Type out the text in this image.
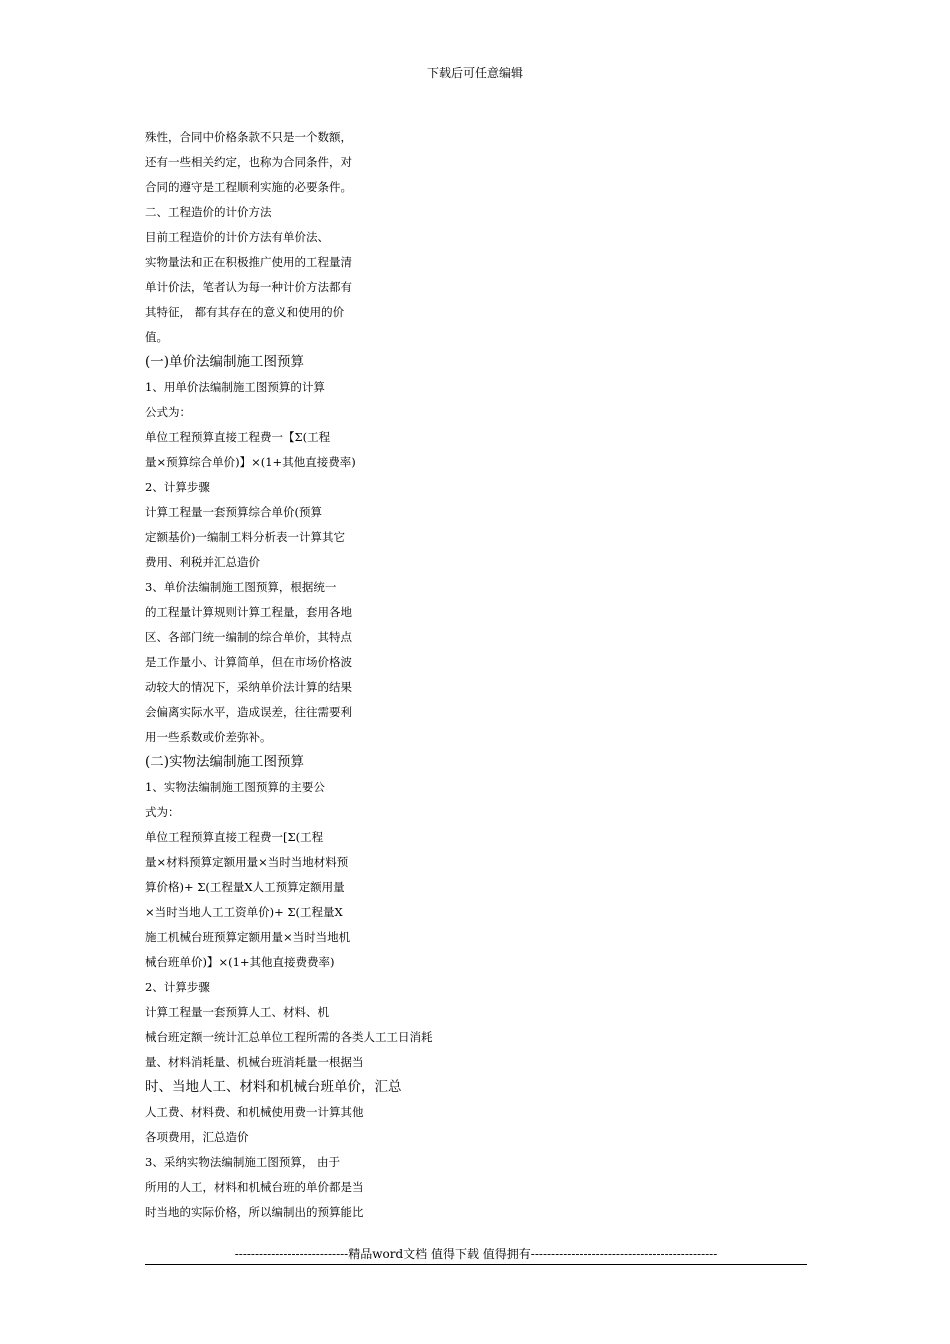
下载后可任意编辑
殊性，合同中价格条款不只是一个数额，
还有一些相关约定，也称为合同条件，对
合同的遵守是工程顺利实施的必要条件。
二、工程造价的计价方法
目前工程造价的计价方法有单价法、
实物量法和正在积极推广使用的工程量清
单计价法，笔者认为每一种计价方法都有
其特征， 都有其存在的意义和使用的价
值。
(一)单价法编制施工图预算
1、用单价法编制施工图预算的计算
公式为：
单位工程预算直接工程费一【Σ(工程
量×预算综合单价)】×(1+其他直接费率)
2、计算步骤
计算工程量一套预算综合单价(预算
定额基价)一编制工料分析表一计算其它
费用、利税并汇总造价
3、单价法编制施工图预算，根据统一
的工程量计算规则计算工程量，套用各地
区、各部门统一编制的综合单价，其特点
是工作量小、计算简单，但在市场价格波
动较大的情况下，采纳单价法计算的结果
会偏离实际水平，造成误差，往往需要利
用一些系数或价差弥补。
(二)实物法编制施工图预算
1、实物法编制施工图预算的主要公
式为：
单位工程预算直接工程费一[Σ(工程
量×材料预算定额用量×当时当地材料预
算价格)+ Σ(工程量X人工预算定额用量
×当时当地人工工资单价)+ Σ(工程量X
施工机械台班预算定额用量×当时当地机
械台班单价)】×(1+其他直接费费率)
2、计算步骤
计算工程量一套预算人工、材料、机
械台班定额一统计汇总单位工程所需的各类人工工日消耗
量、材料消耗量、机械台班消耗量一根据当
时、当地人工、材料和机械台班单价，汇总
人工费、材料费、和机械使用费一计算其他
各项费用，汇总造价
3、采纳实物法编制施工图预算， 由于
所用的人工，材料和机械台班的单价都是当
时当地的实际价格，所以编制出的预算能比
----------------------------精品word文档 值得下载 值得拥有----------------------------------------------
